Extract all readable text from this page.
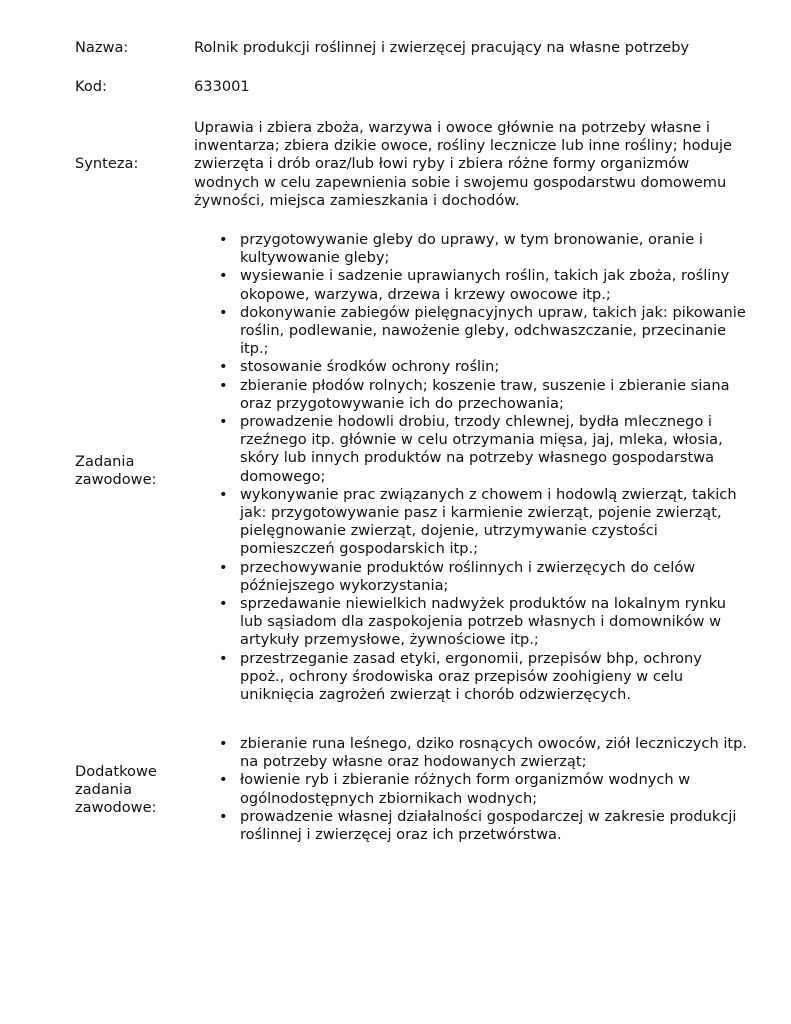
Nazwa:	Rolnik produkcji roślinnej i zwierzęcej pracujący na własne potrzeby
Kod:	633001
Synteza:
Uprawia i zbiera zboża, warzywa i owoce głównie na potrzeby własne i inwentarza; zbiera dzikie owoce, rośliny lecznicze lub inne rośliny; hoduje zwierzęta i drób oraz/lub łowi ryby i zbiera różne formy organizmów wodnych w celu zapewnienia sobie i swojemu gospodarstwu domowemu żywności, miejsca zamieszkania i dochodów.
Zadania
zawodowe:
• przygotowywanie gleby do uprawy, w tym bronowanie, oranie i kultywowanie gleby;
• wysiewanie i sadzenie uprawianych roślin, takich jak zboża, rośliny okopowe, warzywa, drzewa i krzewy owocowe itp.;
• dokonywanie zabiegów pielęgnacyjnych upraw, takich jak: pikowanie roślin, podlewanie, nawożenie gleby, odchwaszczanie, przecinanie itp.;
• stosowanie środków ochrony roślin;
• zbieranie płodów rolnych; koszenie traw, suszenie i zbieranie siana oraz przygotowywanie ich do przechowania;
• prowadzenie hodowli drobiu, trzody chlewnej, bydła mlecznego i rzeźnego itp. głównie w celu otrzymania mięsa, jaj, mleka, włosia, skóry lub innych produktów na potrzeby własnego gospodarstwa domowego;
• wykonywanie prac związanych z chowem i hodowlą zwierząt, takich jak: przygotowywanie pasz i karmienie zwierząt, pojenie zwierząt, pielęgnowanie zwierząt, dojenie, utrzymywanie czystości pomieszczeń gospodarskich itp.;
• przechowywanie produktów roślinnych i zwierzęcych do celów późniejszego wykorzystania;
• sprzedawanie niewielkich nadwyżek produktów na lokalnym rynku lub sąsiadom dla zaspokojenia potrzeb własnych i domowników w artykuły przemysłowe, żywnościowe itp.;
• przestrzeganie zasad etyki, ergonomii, przepisów bhp, ochrony ppoż., ochrony środowiska oraz przepisów zoohigieny w celu uniknięcia zagrożeń zwierząt i chorób odzwierzęcych.
Dodatkowe
zadania
zawodowe:
• zbieranie runa leśnego, dziko rosnących owoców, ziół leczniczych itp. na potrzeby własne oraz hodowanych zwierząt;
• łowienie ryb i zbieranie różnych form organizmów wodnych w ogólnodostępnych zbiornikach wodnych;
• prowadzenie własnej działalności gospodarczej w zakresie produkcji roślinnej i zwierzęcej oraz ich przetwórstwa.
